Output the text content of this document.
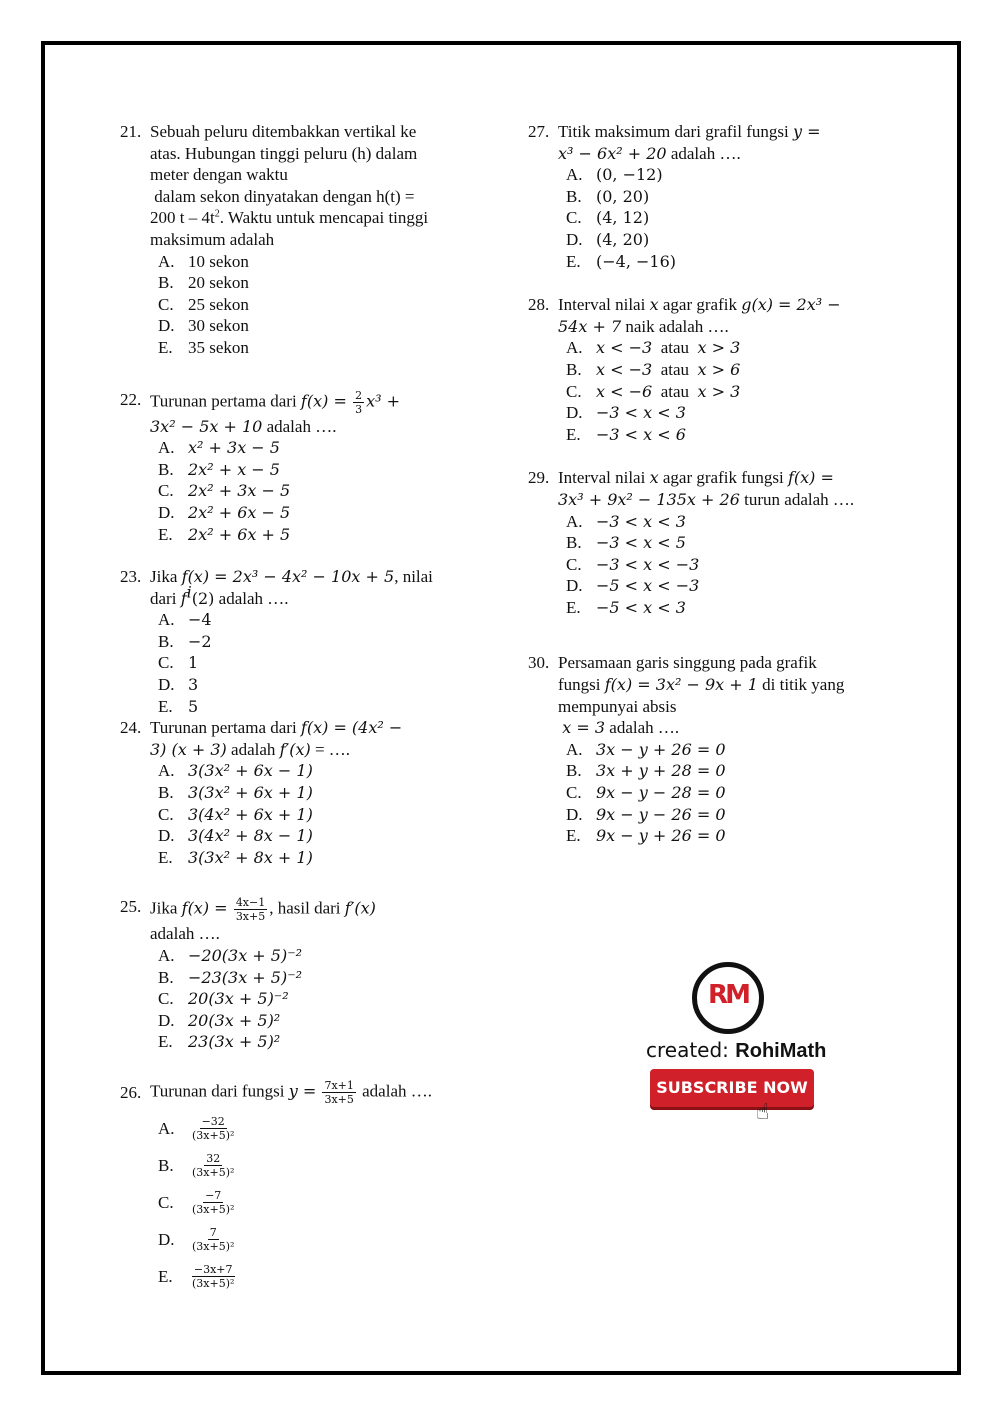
21. Sebuah peluru ditembakkan vertikal ke
atas. Hubungan tinggi peluru (h) dalam
meter dengan waktu
dalam sekon dinyatakan dengan h(t) =
200 t – $4t^2$. Waktu untuk mencapai tinggi
maksimum adalah
A. 10 sekon
B. 20 sekon
C. 25 sekon
D. 30 sekon
E. 35 sekon
22. Turunan pertama dari $f(x) = \frac{2}{3} x^3$ +
3x² − 5x + 10 adalah ….
A. x² + 3x − 5
B. 2x² + x − 5
C. 2x² + 3x − 5
D. 2x² + 6x − 5
E. 2x² + 6x + 5
23. Jika f(x) = 2x³ − 4x² − 10x + 5, nilai
dari $f^i(2)$ adalah ….
A. −4
B. −2
C. 1
D. 3
E. 5
24. Turunan pertama dari f(x) = (4x² −
3) (x + 3) adalah f′(x) = ….
A. 3(3x² + 6x − 1)
B. 3(3x² + 6x + 1)
C. 3(4x² + 6x + 1)
D. 3(4x² + 8x − 1)
E. 3(3x² + 8x + 1)
25. Jika $f(x) = \frac{4x-1}{3x+5}$ , hasil dari f′(x)
adalah ….
A. −20(3x + 5)⁻²
B. −23(3x + 5)⁻²
C. 20(3x + 5)⁻²
D. 20(3x + 5)²
E. 23(3x + 5)²
26. Turunan dari fungsi $y = \frac{7x+1}{3x+5}$ adalah ….
A.	$\frac{-32}{\text{(3x+5)²}}$
B.	$\frac{32}{\text{(3x+5)²}}$
C.	$\frac{-7}{\text{(3x+5)²}}$
D.	$\frac{7}{\text{(3x+5)²}}$
E.	$\frac{-3x+7}{\text{(3x+5)²}}$
27. Titik maksimum dari grafil fungsi y =
x³ − 6x² + 20 adalah ….
A. (0, −12)
B. (0, 20)
C. (4, 12)
D. (4, 20)
E. (−4, −16)
28. Interval nilai x agar grafik g(x) = 2x³ −
54x + 7 naik adalah ….
A. x < −3
atau
x > 3
B. x < −3
atau
x > 6
C. x < −6
atau
x > 3
D. −3 < x < 3
E. −3 < x < 6
29. Interval nilai x agar grafik fungsi f(x) =
3x³ + 9x² − 135x + 26 turun adalah ….
A. −3 < x < 3
B. −3 < x < 5
C. −3 < x < −3
D. −5 < x < −3
E. −5 < x < 3
30. Persamaan garis singgung pada grafik
fungsi f(x) = 3x² − 9x + 1 di titik yang
mempunyai absis
x = 3 adalah ….
A. 3x − y + 26 = 0
B. 3x + y + 28 = 0
C. 9x − y − 28 = 0
D. 9x − y − 26 = 0
E. 9x − y + 26 = 0
RM
created: RohiMath
SUBSCRIBE NOW
☝
